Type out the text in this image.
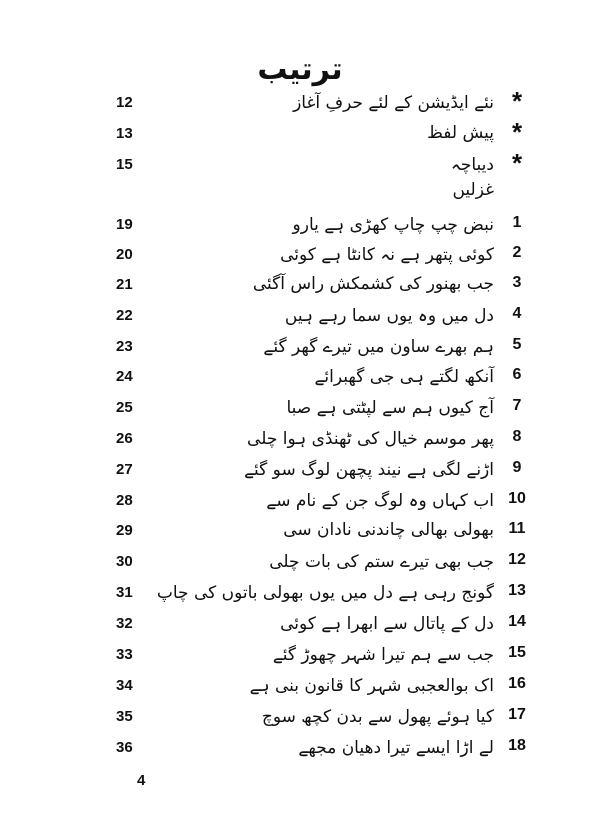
ترتیب
*
نئے ایڈیشن کے لئے حرفِ آغاز
12
*
پیش لفظ
13
*
دیباچہ
15
غزلیں
1
نبض چپ چاپ کھڑی ہے یارو
19
2
کوئی پتھر ہے نہ کانٹا ہے کوئی
20
3
جب بھنور کی کشمکش راس آگئی
21
4
دل میں وہ یوں سما رہے ہیں
22
5
ہم بھرے ساون میں تیرے گھر گئے
23
6
آنکھ لگتے ہی جی گھبرائے
24
7
آج کیوں ہم سے لپٹتی ہے صبا
25
8
پھر موسم خیال کی ٹھنڈی ہوا چلی
26
9
اڑنے لگی ہے نیند پچھن لوگ سو گئے
27
10
اب کہاں وہ لوگ جن کے نام سے
28
11
بھولی بھالی چاندنی نادان سی
29
12
جب بھی تیرے ستم کی بات چلی
30
13
گونج رہی ہے دل میں یوں بھولی باتوں کی چاپ
31
14
دل کے پاتال سے ابھرا ہے کوئی
32
15
جب سے ہم تیرا شہر چھوڑ گئے
33
16
اک بوالعجبی شہر کا قانون بنی ہے
34
17
کیا ہوئے پھول سے بدن کچھ سوچ
35
18
لے اڑا ایسے تیرا دھیان مجھے
36
4
